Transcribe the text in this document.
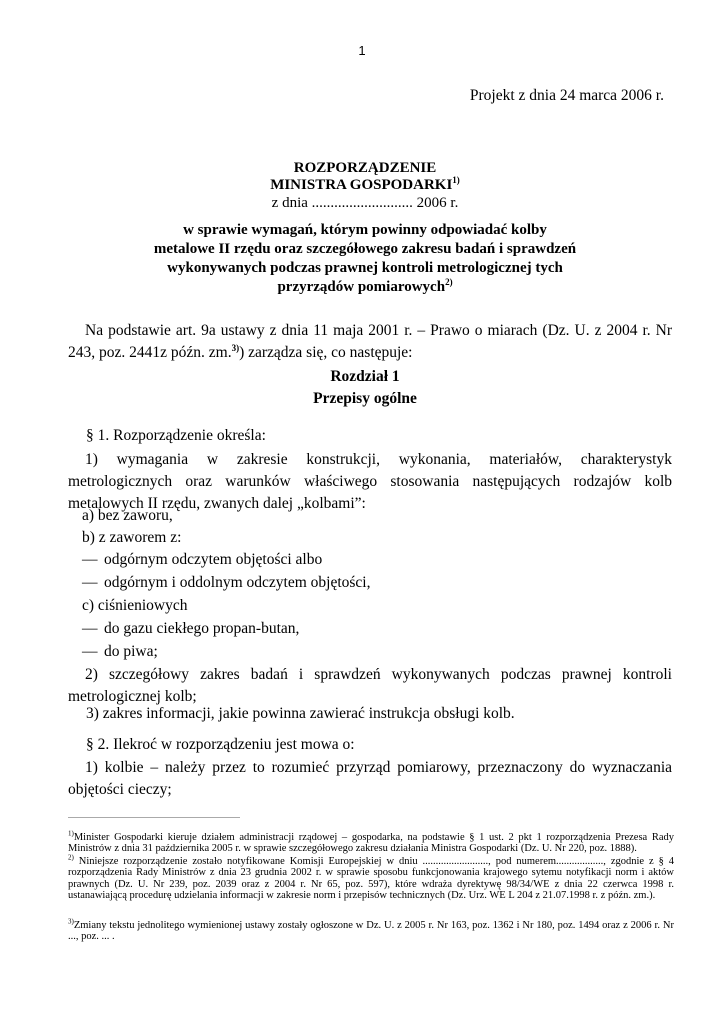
1
Projekt z dnia 24 marca 2006 r.
ROZPORZĄDZENIE
MINISTRA GOSPODARKI$^{1)}$
z dnia ........................... 2006 r.
w sprawie wymagań, którym powinny odpowiadać kolby
metalowe II rzędu oraz szczegółowego zakresu badań i sprawdzeń
wykonywanych podczas prawnej kontroli metrologicznej tych
przyrządów pomiarowych$^{2)}$
Na podstawie art. 9a ustawy z dnia 11 maja 2001 r. – Prawo o miarach (Dz. U. z 2004 r. Nr 243, poz. 2441z późn. zm.$^{3)}$) zarządza się, co następuje:
Rozdział 1
Przepisy ogólne
§ 1. Rozporządzenie określa:
1) wymagania w zakresie konstrukcji, wykonania, materiałów, charakterystyk metrologicznych oraz warunków właściwego stosowania następujących rodzajów kolb metalowych II rzędu, zwanych dalej „kolbami”:
a) bez zaworu,
b) z zaworem z:
— odgórnym odczytem objętości albo
— odgórnym i oddolnym odczytem objętości,
c) ciśnieniowych
— do gazu ciekłego propan-butan,
— do piwa;
2) szczegółowy zakres badań i sprawdzeń wykonywanych podczas prawnej kontroli metrologicznej kolb;
3) zakres informacji, jakie powinna zawierać instrukcja obsługi kolb.
§ 2. Ilekroć w rozporządzeniu jest mowa o:
1) kolbie – należy przez to rozumieć przyrząd pomiarowy, przeznaczony do wyznaczania objętości cieczy;
$^{1)}$Minister Gospodarki kieruje działem administracji rządowej – gospodarka, na podstawie § 1 ust. 2 pkt 1 rozporządzenia Prezesa Rady Ministrów z dnia 31 października 2005 r. w sprawie szczegółowego zakresu działania Ministra Gospodarki (Dz. U. Nr 220, poz. 1888).
$^{2)}$ Niniejsze rozporządzenie zostało notyfikowane Komisji Europejskiej w dniu ........................., pod numerem.................., zgodnie z § 4 rozporządzenia Rady Ministrów z dnia 23 grudnia 2002 r. w sprawie sposobu funkcjonowania krajowego sytemu notyfikacji norm i aktów prawnych (Dz. U. Nr 239, poz. 2039 oraz z 2004 r. Nr 65, poz. 597), które wdraża dyrektywę 98/34/WE z dnia 22 czerwca 1998 r. ustanawiającą procedurę udzielania informacji w zakresie norm i przepisów technicznych (Dz. Urz. WE L 204 z 21.07.1998 r. z późn. zm.).
$^{3)}$Zmiany tekstu jednolitego wymienionej ustawy zostały ogłoszone w Dz. U. z 2005 r. Nr 163, poz. 1362 i Nr 180, poz. 1494 oraz z 2006 r. Nr ..., poz. ... .
